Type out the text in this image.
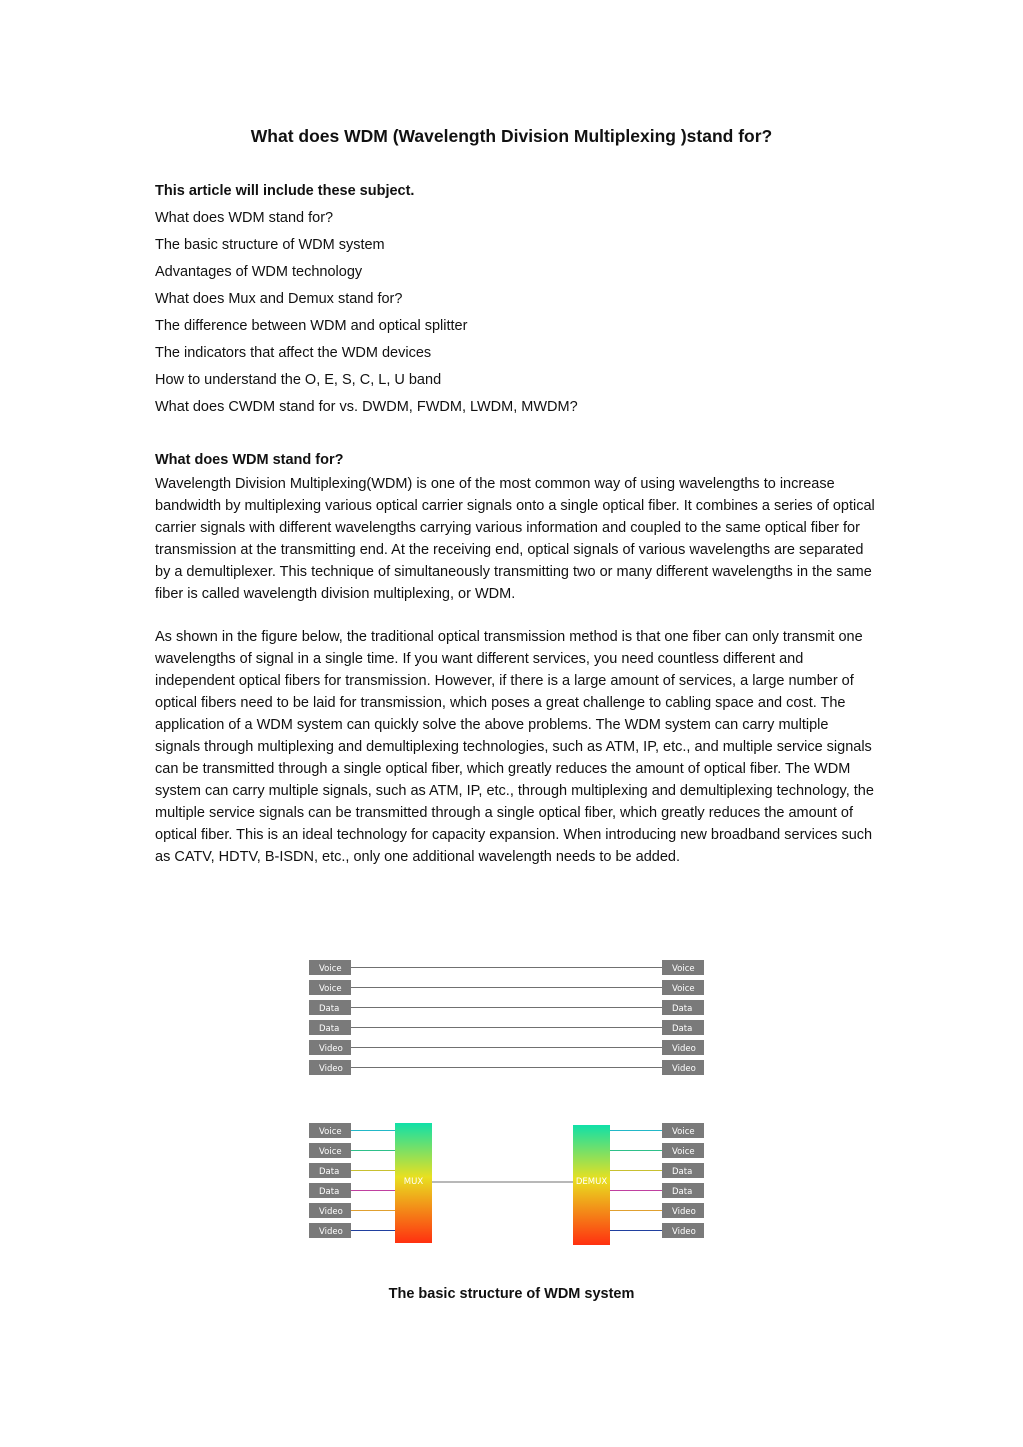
What does WDM (Wavelength Division Multiplexing )stand for?

This article will include these subject.

What does WDM stand for?
The basic structure of WDM system
Advantages of WDM technology
What does Mux and Demux stand for?
The difference between WDM and optical splitter
The indicators that affect the WDM devices
How to understand the O, E, S, C, L, U band
What does CWDM stand for vs. DWDM, FWDM, LWDM, MWDM?

What does WDM stand for?

Wavelength Division Multiplexing(WDM) is one of the most common way of using wavelengths to increase bandwidth by multiplexing various optical carrier signals onto a single optical fiber. It combines a series of optical carrier signals with different wavelengths carrying various information and coupled to the same optical fiber for transmission at the transmitting end. At the receiving end, optical signals of various wavelengths are separated by a demultiplexer. This technique of simultaneously transmitting two or many different wavelengths in the same fiber is called wavelength division multiplexing, or WDM.

As shown in the figure below, the traditional optical transmission method is that one fiber can only transmit one wavelengths of signal in a single time. If you want different services, you need countless different and independent optical fibers for transmission. However, if there is a large amount of services, a large number of optical fibers need to be laid for transmission, which poses a great challenge to cabling space and cost. The application of a WDM system can quickly solve the above problems. The WDM system can carry multiple signals through multiplexing and demultiplexing technologies, such as ATM, IP, etc., and multiple service signals can be transmitted through a single optical fiber, which greatly reduces the amount of optical fiber. The WDM system can carry multiple signals, such as ATM, IP, etc., through multiplexing and demultiplexing technology, the multiple service signals can be transmitted through a single optical fiber, which greatly reduces the amount of optical fiber. This is an ideal technology for capacity expansion. When introducing new broadband services such as CATV, HDTV, B-ISDN, etc., only one additional wavelength needs to be added.

Voice	Voice
Voice	Voice
Data	Data
Data	Data
Video	Video
Video	Video
Voice	Voice
Voice	Voice
Data	Data
Data	Data
Video	Video
Video	Video
MUX	DEMUX

The basic structure of WDM system
